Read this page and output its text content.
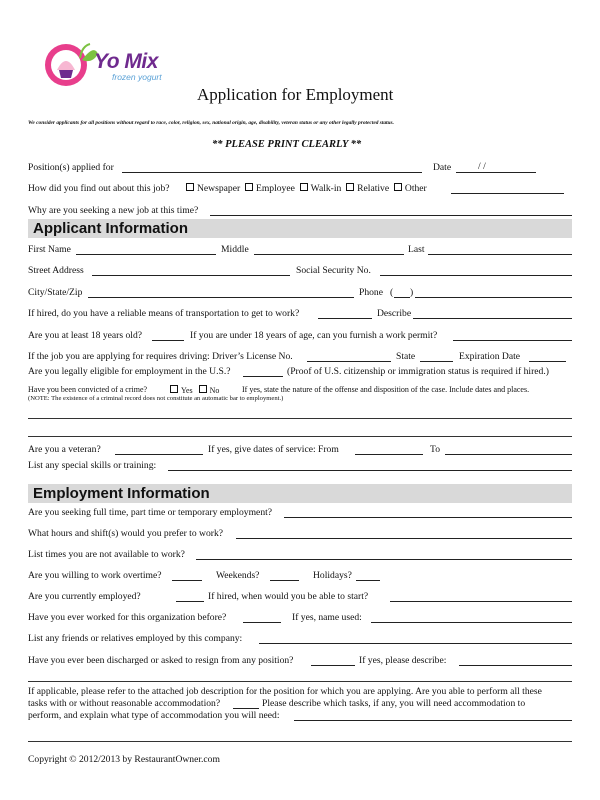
Yo Mix
frozen yogurt
Application for Employment
We consider applicants for all positions without regard to race, color, religion, sex, national origin, age, disability, veteran status or any other legally protected status.
** PLEASE PRINT CLEARLY **
Position(s) applied for	Date	/ /
How did you find out about this job?	Newspaper Employee Walk-in Relative Other
Why are you seeking a new job at this time?
Applicant Information
First Name	Middle	Last
Street Address	Social Security No.
City/State/Zip	Phone ( )
If hired, do you have a reliable means of transportation to get to work?	Describe
Are you at least 18 years old?	If you are under 18 years of age, can you furnish a work permit?
If the job you are applying for requires driving: Driver’s License No.	State	Expiration Date
Are you legally eligible for employment in the U.S.?	(Proof of U.S. citizenship or immigration status is required if hired.)
Have you been convicted of a crime?	Yes No	If yes, state the nature of the offense and disposition of the case. Include dates and places.
(NOTE: The existence of a criminal record does not constitute an automatic bar to employment.)
Are you a veteran?	If yes, give dates of service: From	To
List any special skills or training:
Employment Information
Are you seeking full time, part time or temporary employment?
What hours and shift(s) would you prefer to work?
List times you are not available to work?
Are you willing to work overtime?	Weekends?	Holidays?
Are you currently employed?	If hired, when would you be able to start?
Have you ever worked for this organization before?	If yes, name used:
List any friends or relatives employed by this company:
Have you ever been discharged or asked to resign from any position?	If yes, please describe:
If applicable, please refer to the attached job description for the position for which you are applying. Are you able to perform all these
tasks with or without reasonable accommodation?	Please describe which tasks, if any, you will need accommodation to
perform, and explain what type of accommodation you will need:
Copyright © 2012/2013 by RestaurantOwner.com
